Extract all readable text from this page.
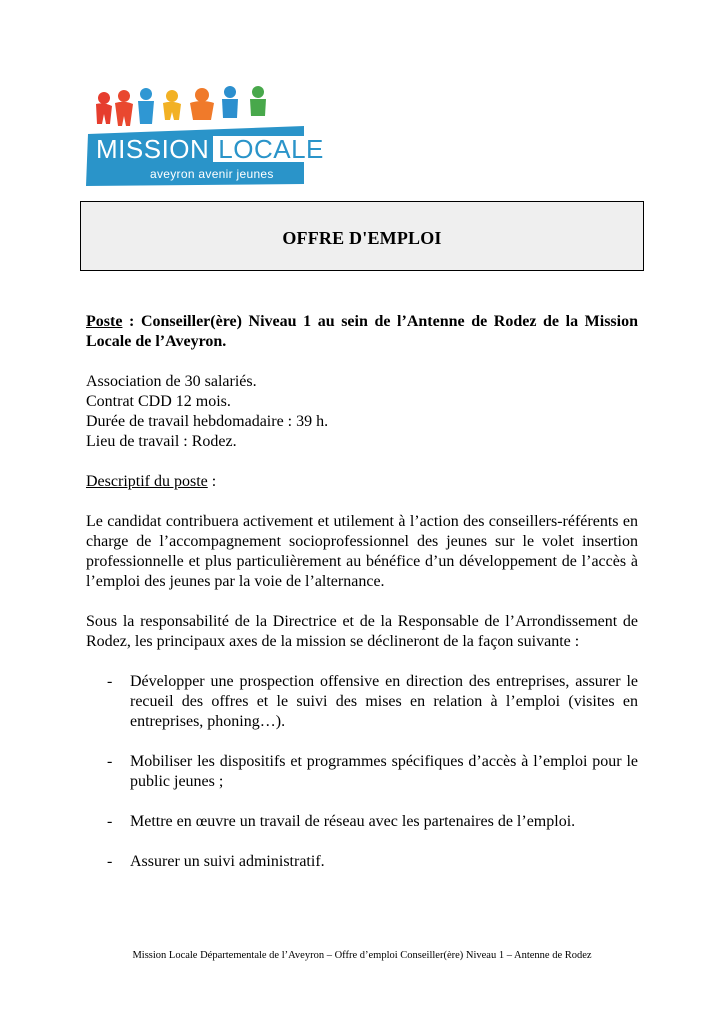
MISSION LOCALE
aveyron avenir jeunes
OFFRE D'EMPLOI

Poste : Conseiller(ère) Niveau 1 au sein de l’Antenne de Rodez de la Mission Locale de l’Aveyron.

Association de 30 salariés.
Contrat CDD 12 mois.
Durée de travail hebdomadaire : 39 h.
Lieu de travail : Rodez.

Descriptif du poste :

Le candidat contribuera activement et utilement à l’action des conseillers-référents en charge de l’accompagnement socioprofessionnel des jeunes sur le volet insertion professionnelle et plus particulièrement au bénéfice d’un développement de l’accès à l’emploi des jeunes par la voie de l’alternance.

Sous la responsabilité de la Directrice et de la Responsable de l’Arrondissement de Rodez, les principaux axes de la mission se déclineront de la façon suivante :

- Développer une prospection offensive en direction des entreprises, assurer le recueil des offres et le suivi des mises en relation à l’emploi (visites en entreprises, phoning…).
- Mobiliser les dispositifs et programmes spécifiques d’accès à l’emploi pour le public jeunes ;
- Mettre en œuvre un travail de réseau avec les partenaires de l’emploi.
- Assurer un suivi administratif.
Mission Locale Départementale de l’Aveyron – Offre d’emploi Conseiller(ère) Niveau 1 – Antenne de Rodez
